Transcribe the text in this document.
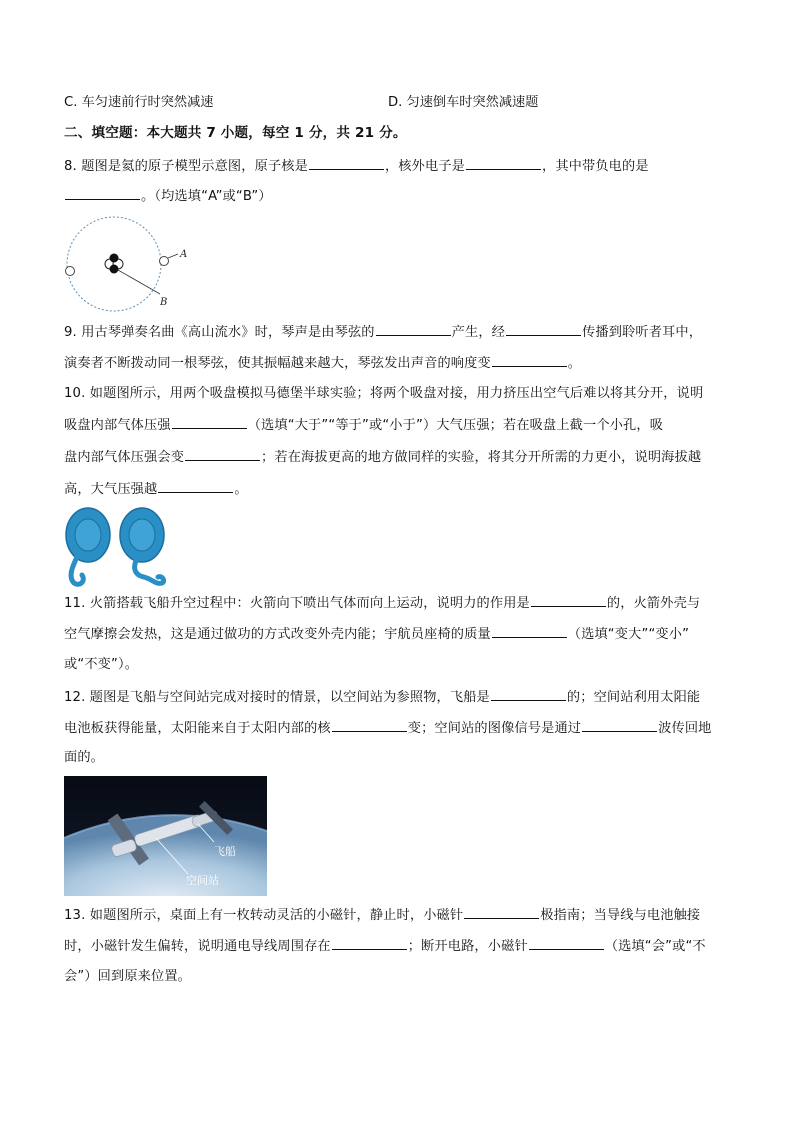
C. 车匀速前行时突然减速	D. 匀速倒车时突然减速题
二、填空题：本大题共 7 小题，每空 1 分，共 21 分。
8. 题图是氦的原子模型示意图，原子核是	，核外电子是	，其中带负电的是
。（均选填“A”或“B”）
A
B
9. 用古琴弹奏名曲《高山流水》时，琴声是由琴弦的	产生，经	传播到聆听者耳中，
演奏者不断拨动同一根琴弦，使其振幅越来越大，琴弦发出声音的响度变	。
10. 如题图所示，用两个吸盘模拟马德堡半球实验；将两个吸盘对接，用力挤压出空气后难以将其分开，说明
吸盘内部气体压强	（选填“大于”“等于”或“小于”）大气压强；若在吸盘上截一个小孔，吸
盘内部气体压强会变	；若在海拔更高的地方做同样的实验，将其分开所需的力更小，说明海拔越
高，大气压强越	。
11. 火箭搭载飞船升空过程中：火箭向下喷出气体而向上运动，说明力的作用是	的，火箭外壳与
空气摩擦会发热，这是通过做功的方式改变外壳内能；宇航员座椅的质量	（选填“变大”“变小”
或“不变”）。
12. 题图是飞船与空间站完成对接时的情景，以空间站为参照物，飞船是	的；空间站利用太阳能
电池板获得能量，太阳能来自于太阳内部的核	变；空间站的图像信号是通过	波传回地
面的。
飞船
空间站
13. 如题图所示，桌面上有一枚转动灵活的小磁针，静止时，小磁针	极指南；当导线与电池触接
时，小磁针发生偏转，说明通电导线周围存在	；断开电路，小磁针	（选填“会”或“不
会”）回到原来位置。
